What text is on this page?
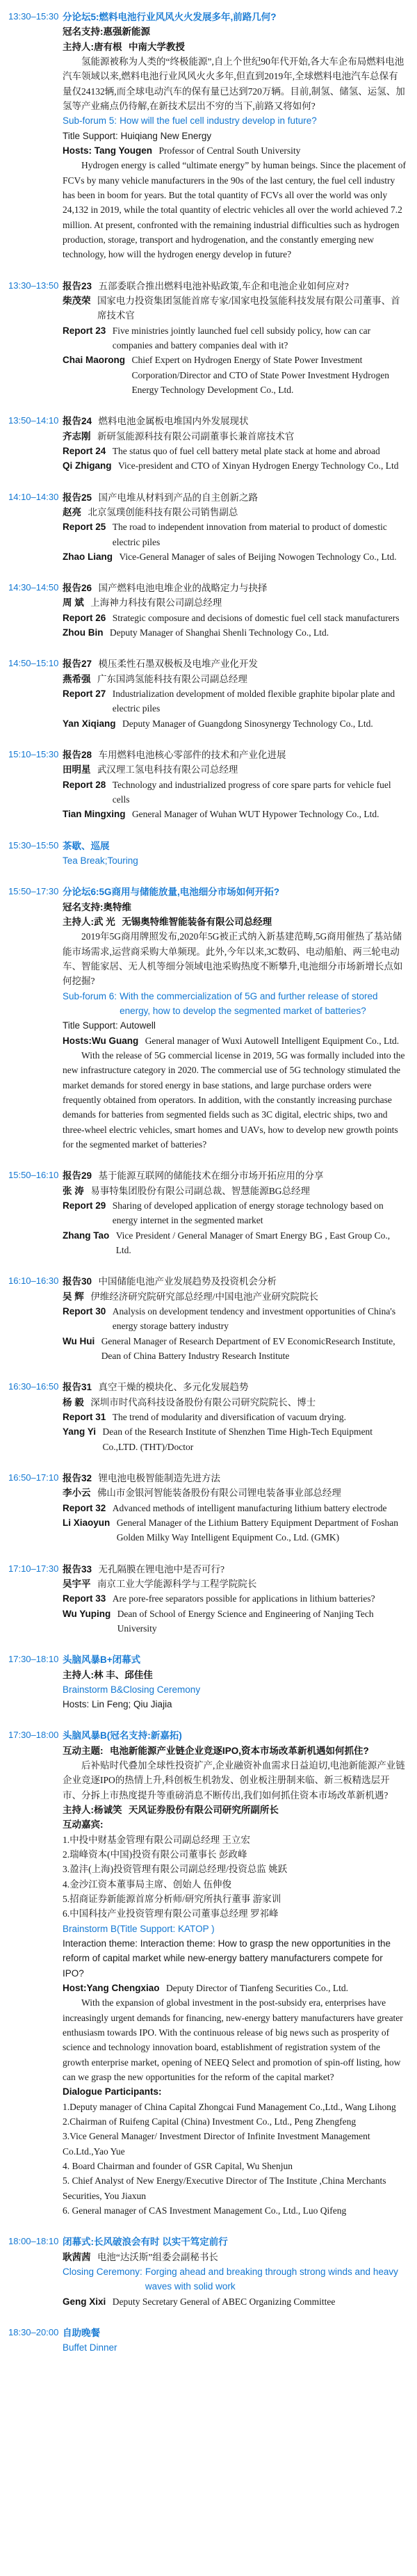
13:30–15:30 分论坛5:燃料电池行业风风火火发展多年,前路几何?
冠名支持:惠强新能源
主持人:唐有根 中南大学教授
氢能源被称为人类的“终极能源”,自上个世纪90年代开始,各大车企布局燃料电池汽车领域以来,燃料电池行业风风火火多年,但直到2019年,全球燃料电池汽车总保有量仅24132辆,而全球电动汽车的保有量已达到720万辆。目前,制氢、储氢、运氢、加氢等产业痛点仍待解,在新技术层出不穷的当下,前路又将如何?
Sub-forum 5: How will the fuel cell industry develop in future?
Title Support: Huiqiang New Energy
Hosts: Tang Yougen Professor of Central South University
Hydrogen energy is called “ultimate energy” by human beings. Since the placement of FCVs by many vehicle manufacturers in the 90s of the last century, the fuel cell industry has been in boom for years. But the total quantity of FCVs all over the world was only 24,132 in 2019, while the total quantity of electric vehicles all over the world achieved 7.2 million. At present, confronted with the remaining industrial difficulties such as hydrogen production, storage, transport and hydrogenation, and the constantly emerging new technology, how will the hydrogen energy develop in future?
13:30–13:50 报告23 五部委联合推出燃料电池补贴政策,车企和电池企业如何应对?
柴茂荣 国家电力投资集团氢能首席专家/国家电投氢能科技发展有限公司董事、首席技术官
Report 23 Five ministries jointly launched fuel cell subsidy policy, how can car companies and battery companies deal with it?
Chai Maorong Chief Expert on Hydrogen Energy of State Power Investment Corporation/Director and CTO of State Power Investment Hydrogen Energy Technology Development Co., Ltd.
13:50–14:10 报告24 燃料电池金属板电堆国内外发展现状
齐志刚 新研氢能源科技有限公司副董事长兼首席技术官
Report 24 The status quo of fuel cell battery metal plate stack at home and abroad
Qi Zhigang Vice-president and CTO of Xinyan Hydrogen Energy Technology Co., Ltd
14:10–14:30 报告25 国产电堆从材料到产品的自主创新之路
赵亮 北京氢璞创能科技有限公司销售副总
Report 25 The road to independent innovation from material to product of domestic electric piles
Zhao Liang Vice-General Manager of sales of Beijing Nowogen Technology Co., Ltd.
14:30–14:50 报告26 国产燃料电池电堆企业的战略定力与抉择
周 斌 上海神力科技有限公司副总经理
Report 26 Strategic composure and decisions of domestic fuel cell stack manufacturers
Zhou Bin Deputy Manager of Shanghai Shenli Technology Co., Ltd.
14:50–15:10 报告27 模压柔性石墨双极板及电堆产业化开发
燕希强 广东国鸿氢能科技有限公司副总经理
Report 27 Industrialization development of molded flexible graphite bipolar plate and electric piles
Yan Xiqiang Deputy Manager of Guangdong Sinosynergy Technology Co., Ltd.
15:10–15:30 报告28 车用燃料电池核心零部件的技术和产业化进展
田明星 武汉理工氢电科技有限公司总经理
Report 28 Technology and industrialized progress of core spare parts for vehicle fuel cells
Tian Mingxing General Manager of Wuhan WUT Hypower Technology Co., Ltd.
15:30–15:50 茶歇、巡展
Tea Break;Touring
15:50–17:30 分论坛6:5G商用与储能放量,电池细分市场如何开拓?
冠名支持:奥特维
主持人:武 光 无锡奥特维智能装备有限公司总经理
2019年5G商用牌照发布,2020年5G被正式纳入新基建范畴,5G商用催热了基站储能市场需求,运营商采购大单频现。此外,今年以来,3C数码、电动船舶、两三轮电动车、智能家居、无人机等细分领域电池采购热度不断攀升,电池细分市场新增长点如何挖掘?
Sub-forum 6: With the commercialization of 5G and further release of stored energy, how to develop the segmented market of batteries?
Title Support: Autowell
Hosts:Wu Guang General manager of Wuxi Autowell Intelligent Equipment Co., Ltd.
With the release of 5G commercial license in 2019, 5G was formally included into the new infrastructure category in 2020. The commercial use of 5G technology stimulated the market demands for stored energy in base stations, and large purchase orders were frequently obtained from operators. In addition, with the constantly increasing purchase demands for batteries from segmented fields such as 3C digital, electric ships, two and three-wheel electric vehicles, smart homes and UAVs, how to develop new growth points for the segmented market of batteries?
15:50–16:10 报告29 基于能源互联网的储能技术在细分市场开拓应用的分享
张 涛 易事特集团股份有限公司副总裁、智慧能源BG总经理
Report 29 Sharing of developed application of energy storage technology based on energy internet in the segmented market
Zhang Tao Vice President / General Manager of Smart Energy BG , East Group Co., Ltd.
16:10–16:30 报告30 中国储能电池产业发展趋势及投资机会分析
吴 辉 伊维经济研究院研究部总经理/中国电池产业研究院院长
Report 30 Analysis on development tendency and investment opportunities of China's energy storage battery industry
Wu Hui General Manager of Research Department of EV EconomicResearch Institute, Dean of China Battery Industry Research Institute
16:30–16:50 报告31 真空干燥的模块化、多元化发展趋势
杨 毅 深圳市时代高科技设备股份有限公司研究院院长、博士
Report 31 The trend of modularity and diversification of vacuum drying.
Yang Yi Dean of the Research Institute of Shenzhen Time High-Tech Equipment Co.,LTD. (THT)/Doctor
16:50–17:10 报告32 锂电池电极智能制造先进方法
李小云 佛山市金银河智能装备股份有限公司锂电装备事业部总经理
Report 32 Advanced methods of intelligent manufacturing lithium battery electrode
Li Xiaoyun General Manager of the Lithium Battery Equipment Department of Foshan Golden Milky Way Intelligent Equipment Co., Ltd. (GMK)
17:10–17:30 报告33 无孔隔膜在锂电池中是否可行?
吴宇平 南京工业大学能源科学与工程学院院长
Report 33 Are pore-free separators possible for applications in lithium batteries?
Wu Yuping Dean of School of Energy Science and Engineering of Nanjing Tech University
17:30–18:10 头脑风暴B+闭幕式
主持人:林 丰、邱佳佳
Brainstorm B&Closing Ceremony
Hosts: Lin Feng; Qiu Jiajia
17:30–18:00 头脑风暴B(冠名支持:新嘉拓)
互动主题: 电池新能源产业链企业竞逐IPO,资本市场改革新机遇如何抓住?
后补贴时代叠加全球性投资扩产,企业融资补血需求日益迫切,电池新能源产业链企业竞逐IPO的热情上升,科创板生机勃发、创业板注册制来临、新三板精选层开市、分拆上市热度提升等重磅消息不断传出,我们如何抓住资本市场改革新机遇?
主持人:杨诚笑 天风证券股份有限公司研究所副所长
互动嘉宾:
1.中投中财基金管理有限公司副总经理 王立宏
2.瑞峰资本(中国)投资有限公司董事长 彭政峰
3.盈沣(上海)投资管理有限公司副总经理/投资总监 姚跃
4.金沙江资本董事局主席、创始人 伍伸俊
5.招商证券新能源首席分析师/研究所执行董事 游家训
6.中国科技产业投资管理有限公司董事总经理 罗祁峰
Brainstorm B(Title Support: KATOP )
Interaction theme: Interaction theme: How to grasp the new opportunities in the reform of capital market while new-energy battery manufacturers compete for IPO?
Host:Yang Chengxiao Deputy Director of Tianfeng Securities Co., Ltd.
With the expansion of global investment in the post-subsidy era, enterprises have increasingly urgent demands for financing, new-energy battery manufacturers have greater enthusiasm towards IPO. With the continuous release of big news such as prosperity of science and technology innovation board, establishment of registration system of the growth enterprise market, opening of NEEQ Select and promotion of spin-off listing, how can we grasp the new opportunities for the reform of the capital market?
Dialogue Participants:
1.Deputy manager of China Capital Zhongcai Fund Management Co.,Ltd., Wang Lihong
2.Chairman of Ruifeng Capital (China) Investment Co., Ltd., Peng Zhengfeng
3.Vice General Manager/ Investment Director of Infinite Investment Management Co.Ltd.,Yao Yue
4. Board Chairman and founder of GSR Capital, Wu Shenjun
5. Chief Analyst of New Energy/Executive Director of The Institute ,China Merchants Securities, You Jiaxun
6. General manager of CAS Investment Management Co., Ltd., Luo Qifeng
18:00–18:10 闭幕式:长风破浪会有时 以实干笃定前行
耿茜茜 电池“达沃斯”组委会副秘书长
Closing Ceremony: Forging ahead and breaking through strong winds and heavy waves with solid work
Geng Xixi Deputy Secretary General of ABEC Organizing Committee
18:30–20:00 自助晚餐
Buffet Dinner
